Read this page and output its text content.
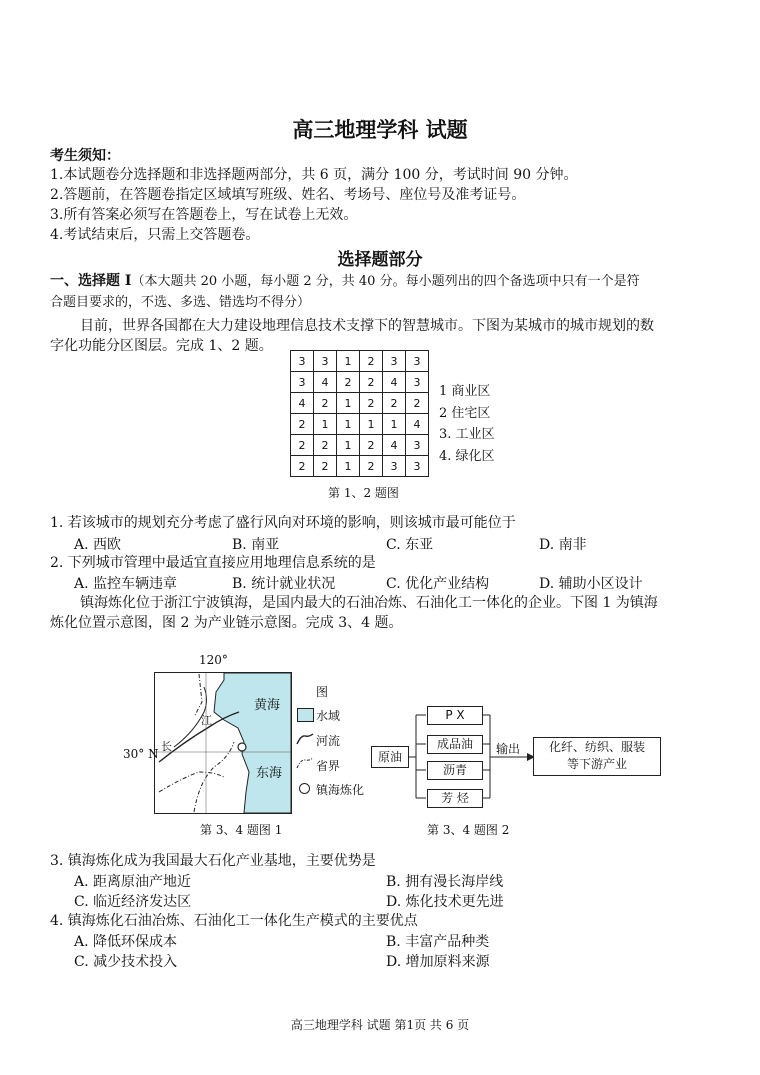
高三地理学科 试题
考生须知：
1.本试题卷分选择题和非选择题两部分，共 6 页，满分 100 分，考试时间 90 分钟。
2.答题前，在答题卷指定区域填写班级、姓名、考场号、座位号及准考证号。
3.所有答案必须写在答题卷上，写在试卷上无效。
4.考试结束后，只需上交答题卷。
选择题部分
一、选择题 I（本大题共 20 小题，每小题 2 分，共 40 分。每小题列出的四个备选项中只有一个是符
合题目要求的，不选、多选、错选均不得分）
目前，世界各国都在大力建设地理信息技术支撑下的智慧城市。下图为某城市的城市规划的数
字化功能分区图层。完成 1、2 题。
3	3	1	2	3	3
3	4	2	2	4	3
4	2	1	2	2	2
2	1	1	1	1	4
2	2	1	2	4	3
2	2	1	2	3	3
1 商业区
2 住宅区
3. 工业区
4. 绿化区
第 1、2 题图
1. 若该城市的规划充分考虑了盛行风向对环境的影响，则该城市最可能位于
A. 西欧	B. 南亚	C. 东亚	D. 南非
2. 下列城市管理中最适宜直接应用地理信息系统的是
A. 监控车辆违章	B. 统计就业状况	C. 优化产业结构	D. 辅助小区设计
镇海炼化位于浙江宁波镇海，是国内最大的石油冶炼、石油化工一体化的企业。下图 1 为镇海
炼化位置示意图，图 2 为产业链示意图。完成 3、4 题。
120°
黄海
东海
江
长
30° N
图
水域
河流
省界
镇海炼化
第 3、4 题图 1
原油
P X
成品油
沥青
芳 烃
输出	化纤、纺织、服装
等下游产业
第 3、4 题图 2
3. 镇海炼化成为我国最大石化产业基地，主要优势是
A. 距离原油产地近	B. 拥有漫长海岸线
C. 临近经济发达区	D. 炼化技术更先进
4. 镇海炼化石油冶炼、石油化工一体化生产模式的主要优点
A. 降低环保成本	B. 丰富产品种类
C. 减少技术投入	D. 增加原料来源
高三地理学科 试题 第1页 共 6 页
